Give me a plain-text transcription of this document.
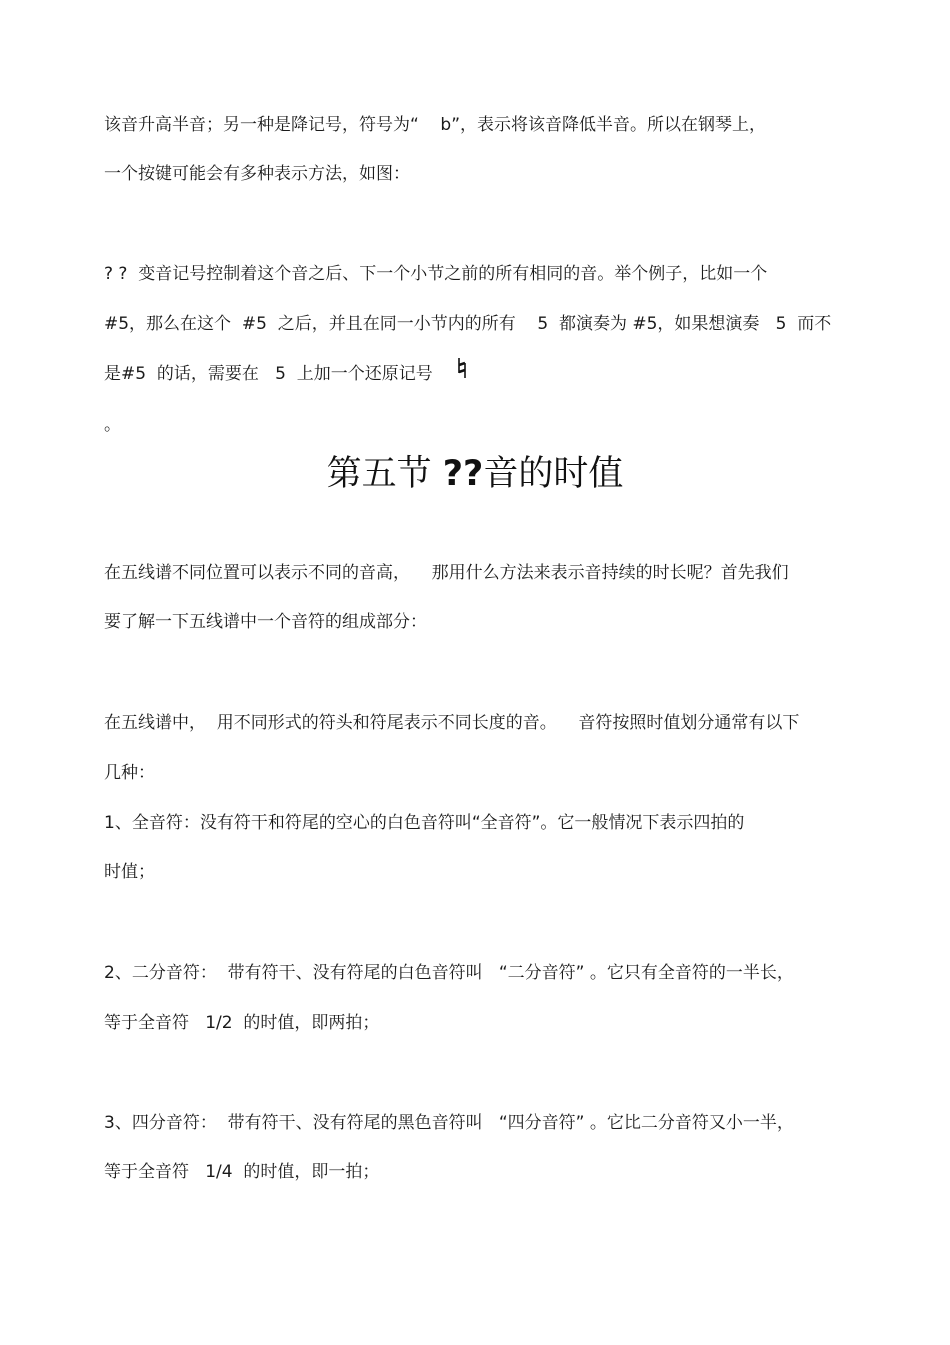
该音升高半音；另一种是降记号，符号为“    b”，表示将该音降低半音。所以在钢琴上，
一个按键可能会有多种表示方法，如图：
? ?  变音记号控制着这个音之后、下一个小节之前的所有相同的音。举个例子，比如一个
#5，那么在这个  #5  之后，并且在同一小节内的所有    5  都演奏为 #5，如果想演奏   5  而不
是#5  的话，需要在   5  上加一个还原记号
。
第五节 ??音的时值
在五线谱不同位置可以表示不同的音高，    那用什么方法来表示音持续的时长呢？首先我们
要了解一下五线谱中一个音符的组成部分：
在五线谱中，  用不同形式的符头和符尾表示不同长度的音。    音符按照时值划分通常有以下
几种：
1、全音符：没有符干和符尾的空心的白色音符叫“全音符”。它一般情况下表示四拍的
时值；
2、二分音符：  带有符干、没有符尾的白色音符叫   “二分音符” 。它只有全音符的一半长，
等于全音符   1/2  的时值，即两拍；
3、四分音符：  带有符干、没有符尾的黑色音符叫   “四分音符” 。它比二分音符又小一半，
等于全音符   1/4  的时值，即一拍；
